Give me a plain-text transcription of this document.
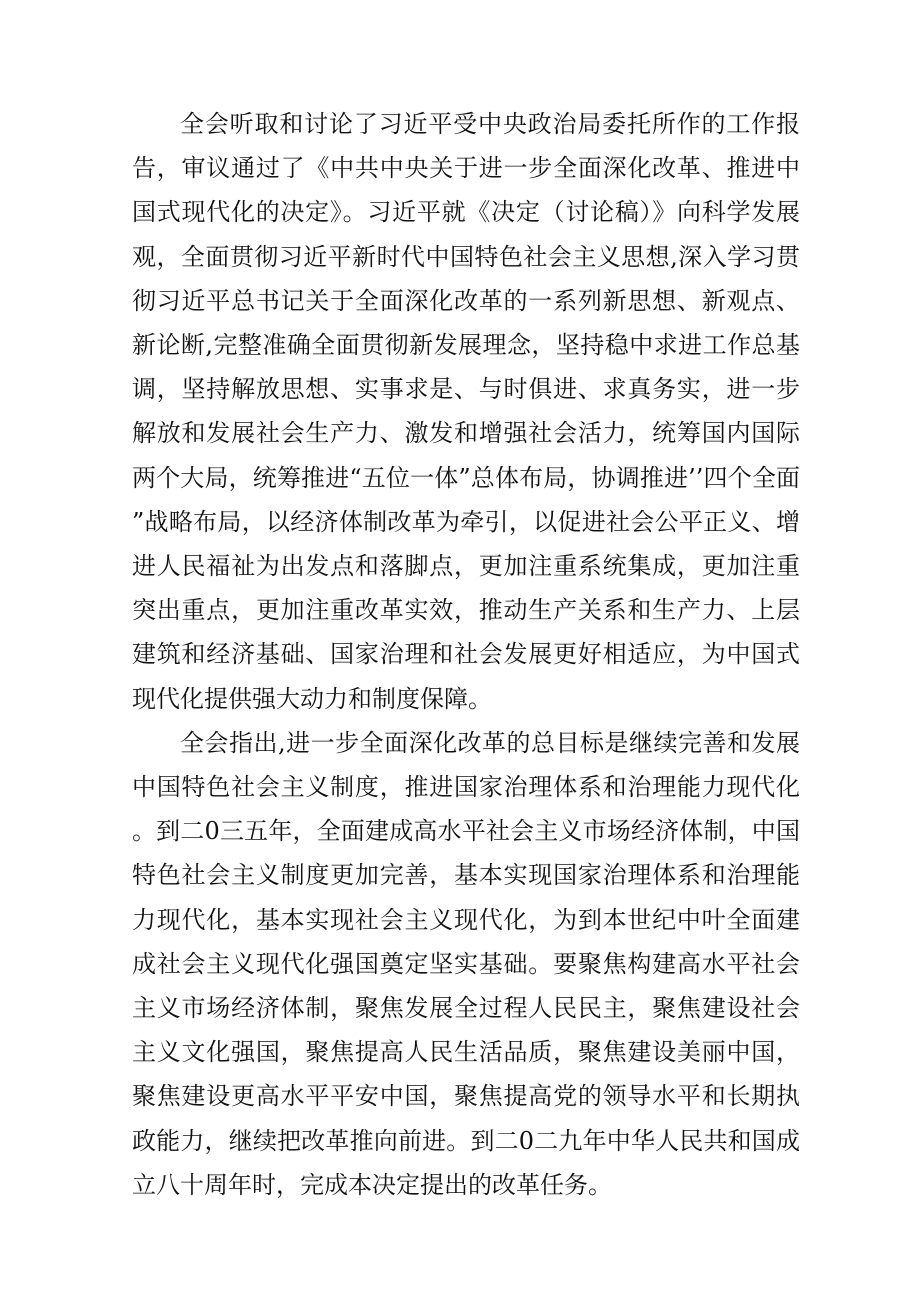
全会听取和讨论了习近平受中央政治局委托所作的工作报告，审议通过了《中共中央关于进一步全面深化改革、推进中国式现代化的决定》。习近平就《决定（讨论稿）》向科学发展观，全面贯彻习近平新时代中国特色社会主义思想,深入学习贯彻习近平总书记关于全面深化改革的一系列新思想、新观点、新论断,完整准确全面贯彻新发展理念，坚持稳中求进工作总基调，坚持解放思想、实事求是、与时俱进、求真务实，进一步解放和发展社会生产力、激发和增强社会活力，统筹国内国际两个大局，统筹推进“五位一体”总体布局，协调推进’’四个全面”战略布局，以经济体制改革为牵引，以促进社会公平正义、增进人民福祉为出发点和落脚点，更加注重系统集成，更加注重突出重点，更加注重改革实效，推动生产关系和生产力、上层建筑和经济基础、国家治理和社会发展更好相适应，为中国式现代化提供强大动力和制度保障。

全会指出,进一步全面深化改革的总目标是继续完善和发展中国特色社会主义制度，推进国家治理体系和治理能力现代化。到二0三五年，全面建成高水平社会主义市场经济体制，中国特色社会主义制度更加完善，基本实现国家治理体系和治理能力现代化，基本实现社会主义现代化，为到本世纪中叶全面建成社会主义现代化强国奠定坚实基础。要聚焦构建高水平社会主义市场经济体制，聚焦发展全过程人民民主，聚焦建设社会主义文化强国，聚焦提高人民生活品质，聚焦建设美丽中国，聚焦建设更高水平平安中国，聚焦提高党的领导水平和长期执政能力，继续把改革推向前进。到二0二九年中华人民共和国成立八十周年时，完成本决定提出的改革任务。
